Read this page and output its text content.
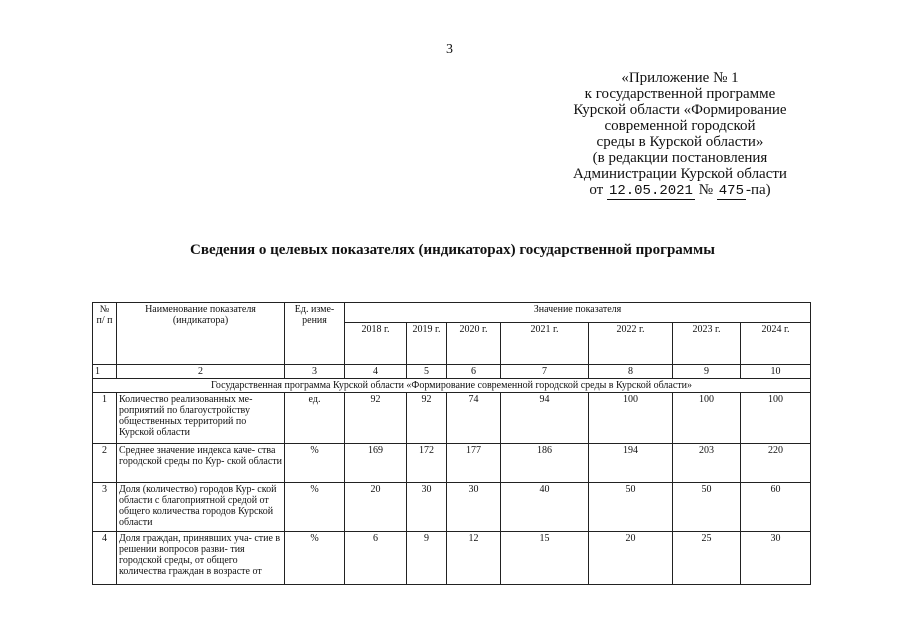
3
«Приложение № 1
к государственной программе
Курской области «Формирование
современной городской
среды в Курской области»
(в редакции постановления
Администрации Курской области
от 12.05.2021 № 475 -па)
Сведения о целевых показателях (индикаторах) государственной программы
№ п/ п	Наименование показателя (индикатора)	Ед. изме- рения	Значение показателя						
			2018 г.	2019 г.	2020 г.	2021 г.	2022 г.	2023 г.	2024 г.
1	2	3	4	5	6	7	8	9	10
Государственная программа Курской области «Формирование современной городской среды в Курской области»									
1	Количество реализованных ме- роприятий по благоустройству общественных территорий по Курской области	ед.	92	92	74	94	100	100	100
2	Среднее значение индекса каче- ства городской среды по Кур- ской области	%	169	172	177	186	194	203	220
3	Доля (количество) городов Кур- ской области с благоприятной средой от общего количества городов Курской области	%	20	30	30	40	50	50	60
4	Доля граждан, принявших уча- стие в решении вопросов разви- тия городской среды, от общего количества граждан в возрасте от	%	6	9	12	15	20	25	30
